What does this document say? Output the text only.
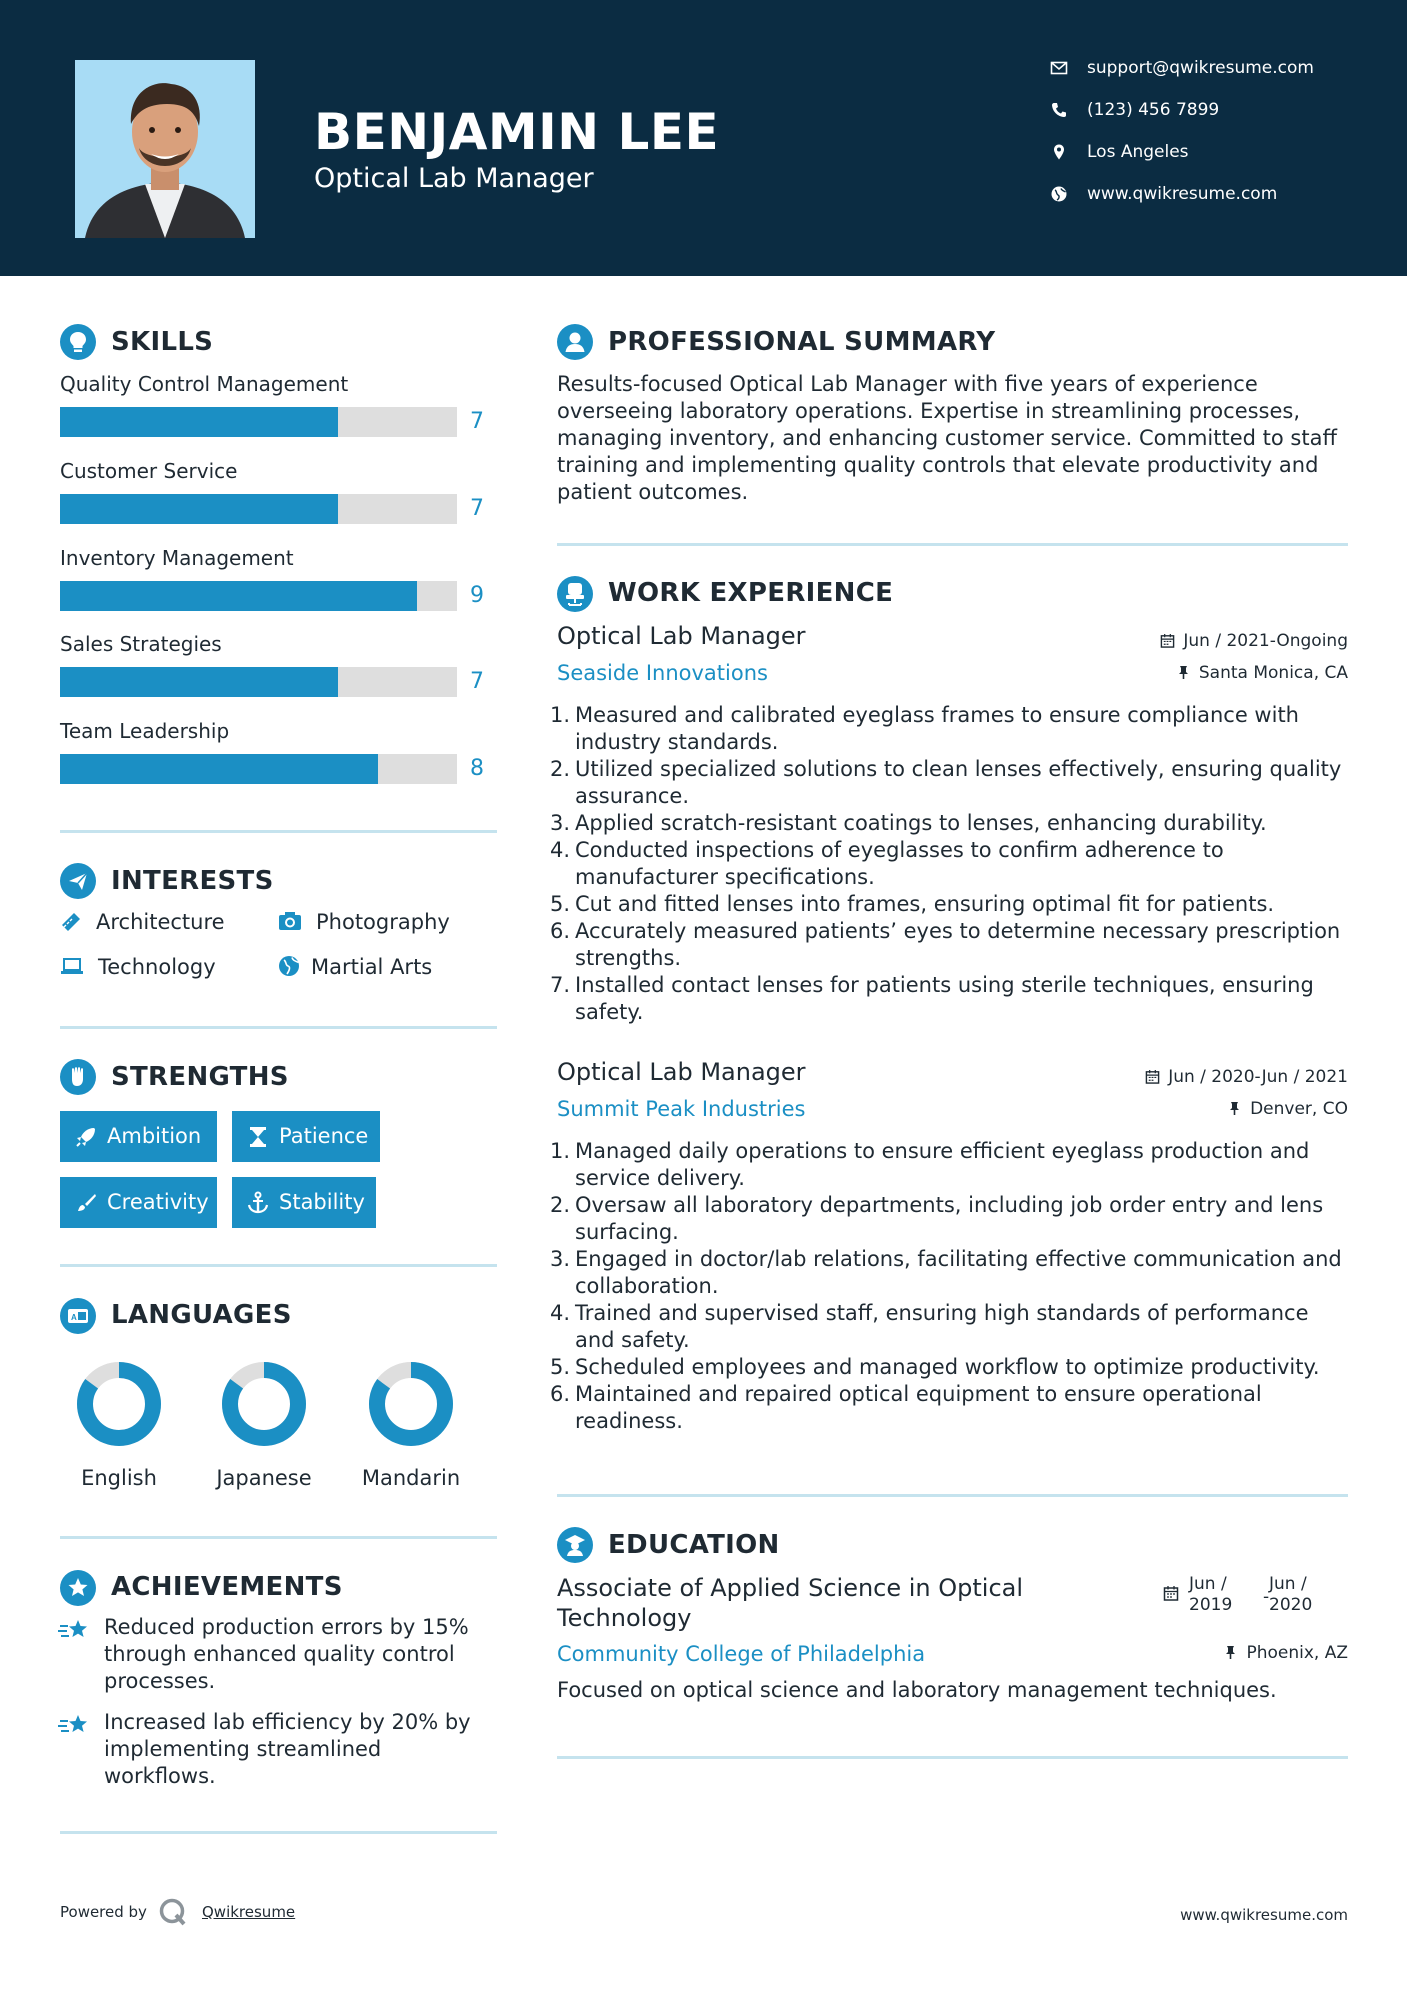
BENJAMIN LEE
Optical Lab Manager
support@qwikresume.com
(123) 456 7899
Los Angeles
www.qwikresume.com
SKILLS
Quality Control Management
7
Customer Service
7
Inventory Management
9
Sales Strategies
7
Team Leadership
8
INTERESTS
Architecture	Photography
Technology	Martial Arts
STRENGTHS
Ambition	Patience
Creativity	Stability
A LANGUAGES
English	Japanese	Mandarin
ACHIEVEMENTS
Reduced production errors by 15% through enhanced quality control processes.
Increased lab efficiency by 20% by implementing streamlined workflows.
PROFESSIONAL SUMMARY
Results-focused Optical Lab Manager with five years of experience overseeing laboratory operations. Expertise in streamlining processes, managing inventory, and enhancing customer service. Committed to staff training and implementing quality controls that elevate productivity and patient outcomes.
WORK EXPERIENCE
Optical Lab Manager
Seaside Innovations
Jun / 2021-Ongoing
Santa Monica, CA
1. Measured and calibrated eyeglass frames to ensure compliance with industry standards.
2. Utilized specialized solutions to clean lenses effectively, ensuring quality assurance.
3. Applied scratch-resistant coatings to lenses, enhancing durability.
4. Conducted inspections of eyeglasses to confirm adherence to manufacturer specifications.
5. Cut and fitted lenses into frames, ensuring optimal fit for patients.
6. Accurately measured patients’ eyes to determine necessary prescription strengths.
7. Installed contact lenses for patients using sterile techniques, ensuring safety.
Optical Lab Manager
Summit Peak Industries
Jun / 2020-Jun / 2021
Denver, CO
1. Managed daily operations to ensure efficient eyeglass production and service delivery.
2. Oversaw all laboratory departments, including job order entry and lens surfacing.
3. Engaged in doctor/lab relations, facilitating effective communication and collaboration.
4. Trained and supervised staff, ensuring high standards of performance and safety.
5. Scheduled employees and managed workflow to optimize productivity.
6. Maintained and repaired optical equipment to ensure operational readiness.
EDUCATION
Associate of Applied Science in Optical
Technology
Community College of Philadelphia
Jun /
2019 -
Jun /
2020
Phoenix, AZ
Focused on optical science and laboratory management techniques.
Powered by	Qwikresume	www.qwikresume.com
